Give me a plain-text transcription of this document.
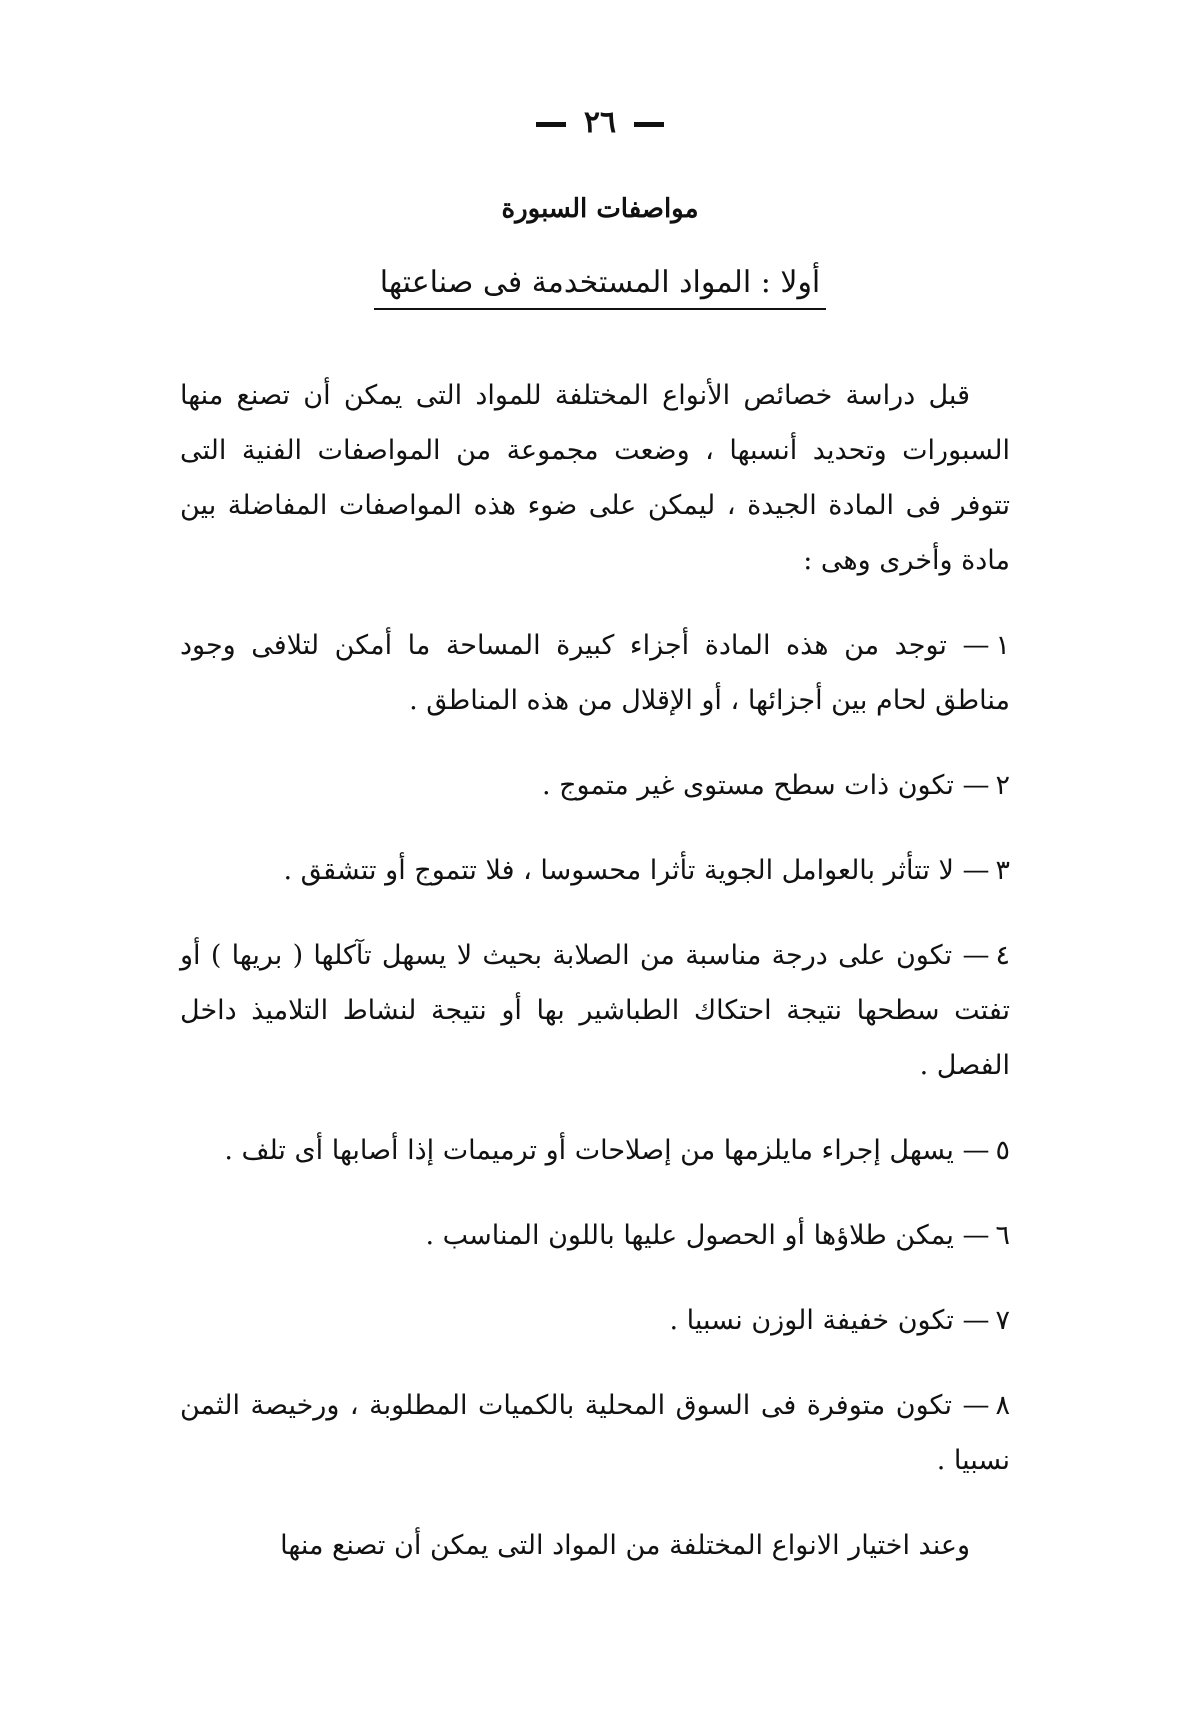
٢٦
مواصفات السبورة
أولا : المواد المستخدمة فى صناعتها

قبل دراسة خصائص الأنواع المختلفة للمواد التى يمكن أن تصنع منها السبورات وتحديد أنسبها ، وضعت مجموعة من المواصفات الفنية التى تتوفر فى المادة الجيدة ، ليمكن على ضوء هذه المواصفات المفاضلة بين مادة وأخرى وهى :

١— توجد من هذه المادة أجزاء كبيرة المساحة ما أمكن لتلافى وجود مناطق لحام بين أجزائها ، أو الإقلال من هذه المناطق .

٢— تكون ذات سطح مستوى غير متموج .

٣— لا تتأثر بالعوامل الجوية تأثرا محسوسا ، فلا تتموج أو تتشقق .

٤— تكون على درجة مناسبة من الصلابة بحيث لا يسهل تآكلها ( بريها ) أو تفتت سطحها نتيجة احتكاك الطباشير بها أو نتيجة لنشاط التلاميذ داخل الفصل .

٥— يسهل إجراء مايلزمها من إصلاحات أو ترميمات إذا أصابها أى تلف .

٦— يمكن طلاؤها أو الحصول عليها باللون المناسب .

٧— تكون خفيفة الوزن نسبيا .

٨— تكون متوفرة فى السوق المحلية بالكميات المطلوبة ، ورخيصة الثمن نسبيا .

وعند اختيار الانواع المختلفة من المواد التى يمكن أن تصنع منها
